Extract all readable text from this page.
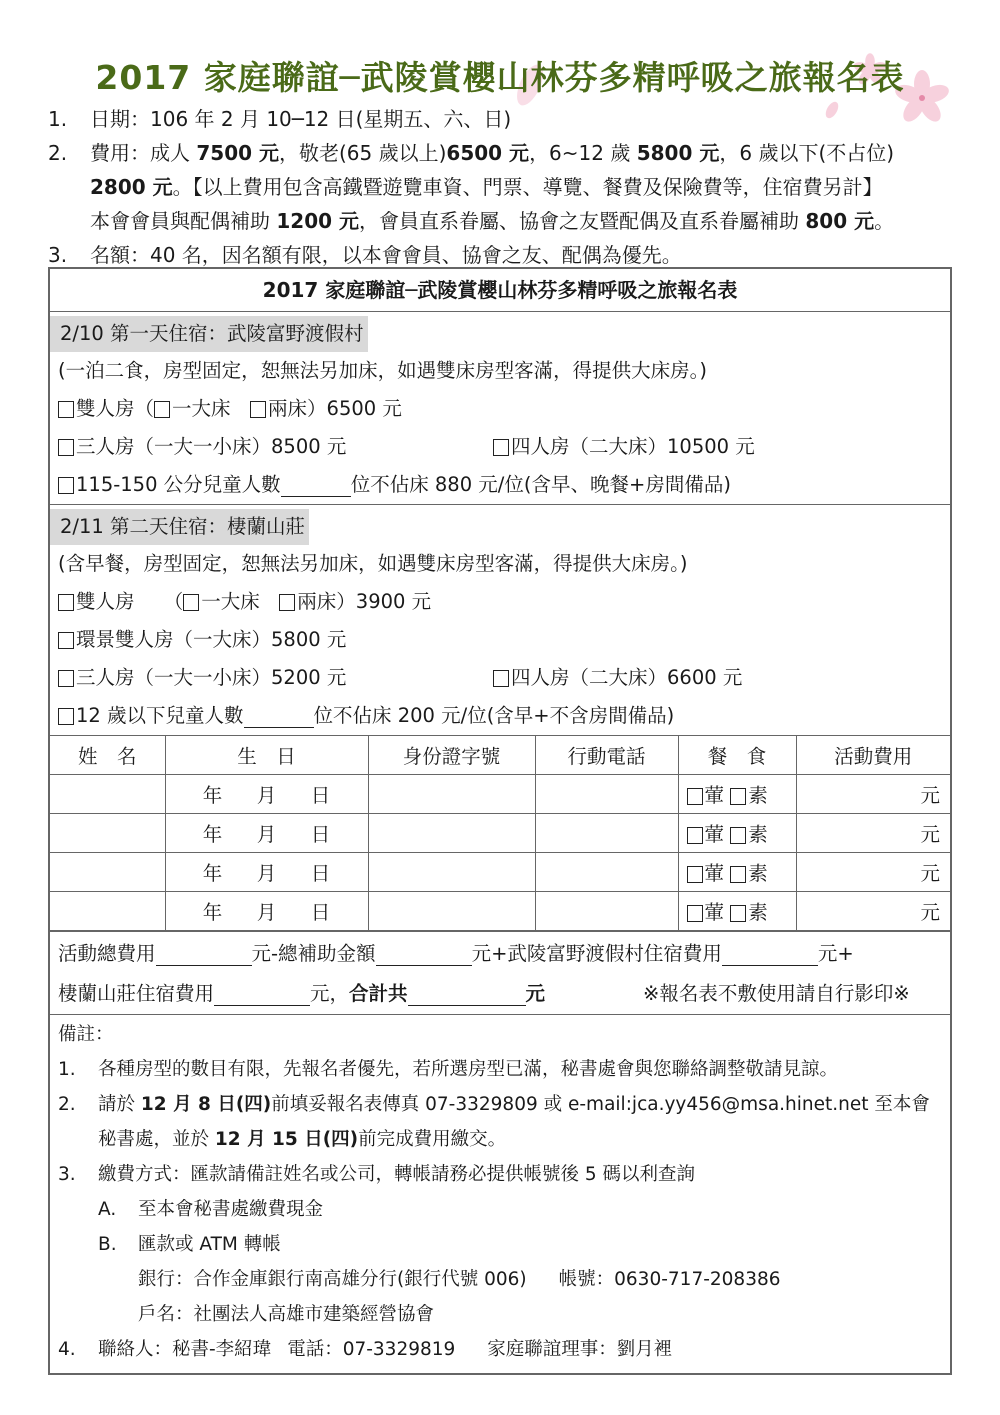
2017 家庭聯誼─武陵賞櫻山林芬多精呼吸之旅報名表
1.	日期：106 年 2 月 10─12 日(星期五、六、日)
2.	費用：成人 7500 元，敬老(65 歲以上)6500 元，6~12 歲 5800 元，6 歲以下(不占位)
2800 元。【以上費用包含高鐵暨遊覽車資、門票、導覽、餐費及保險費等，住宿費另計】
本會會員與配偶補助 1200 元，會員直系眷屬、協會之友暨配偶及直系眷屬補助 800 元。
3.	名額：40 名，因名額有限，以本會會員、協會之友、配偶為優先。
2017 家庭聯誼─武陵賞櫻山林芬多精呼吸之旅報名表
2/10 第一天住宿：武陵富野渡假村
(一泊二食，房型固定，恕無法另加床，如遇雙床房型客滿，得提供大床房。)
雙人房（ 一大床　兩床）6500 元
三人房（一大一小床）8500 元	四人房（二大床）10500 元
115-150 公分兒童人數	位不佔床 880 元/位(含早、晚餐+房間備品)
2/11 第二天住宿：棲蘭山莊
(含早餐，房型固定，恕無法另加床，如遇雙床房型客滿，得提供大床房。)
雙人房　　（ 一大床　兩床）3900 元
環景雙人房（一大床）5800 元
三人房（一大一小床）5200 元	四人房（二大床）6600 元
12 歲以下兒童人數	位不佔床 200 元/位(含早+不含房間備品)
姓　名	生　日	身份證字號	行動電話	餐　食	活動費用
	年 月 日			葷 素	元
	年 月 日			葷 素	元
	年 月 日			葷 素	元
	年 月 日			葷 素	元
活動總費用	元-總補助金額	元+武陵富野渡假村住宿費用	元+
棲蘭山莊住宿費用	元，合計共	元	※報名表不敷使用請自行影印※
備註：
1.	各種房型的數目有限，先報名者優先，若所選房型已滿，秘書處會與您聯絡調整敬請見諒。
2.	請於 12 月 8 日(四)前填妥報名表傳真 07-3329809 或 e-mail:jca.yy456@msa.hinet.net 至本會
秘書處，並於 12 月 15 日(四)前完成費用繳交。
3.	繳費方式：匯款請備註姓名或公司，轉帳請務必提供帳號後 5 碼以利查詢
A.	至本會秘書處繳費現金
B.	匯款或 ATM 轉帳
銀行：合作金庫銀行南高雄分行(銀行代號 006) 帳號：0630-717-208386
戶名：社團法人高雄市建築經營協會
4.	聯絡人：秘書-李紹瑋 電話：07-3329819 家庭聯誼理事：劉月裡
